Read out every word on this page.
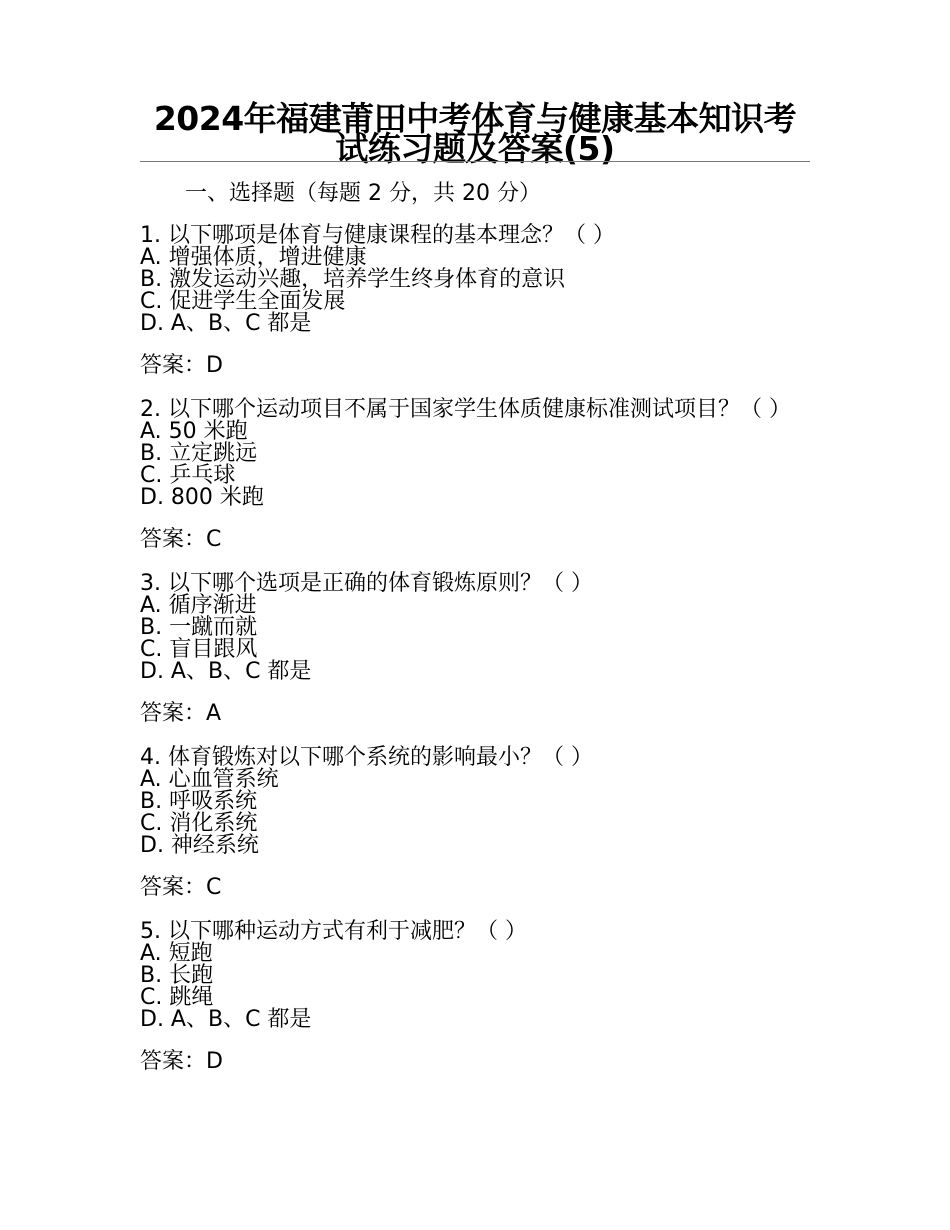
2024年福建莆田中考体育与健康基本知识考试练习题及答案(5)
一、选择题（每题 2 分，共 20 分）
1. 以下哪项是体育与健康课程的基本理念？（ ）
A. 增强体质，增进健康
B. 激发运动兴趣，培养学生终身体育的意识
C. 促进学生全面发展
D. A、B、C 都是
答案：D
2. 以下哪个运动项目不属于国家学生体质健康标准测试项目？（ ）
A. 50 米跑
B. 立定跳远
C. 乒乓球
D. 800 米跑
答案：C
3. 以下哪个选项是正确的体育锻炼原则？（ ）
A. 循序渐进
B. 一蹴而就
C. 盲目跟风
D. A、B、C 都是
答案：A
4. 体育锻炼对以下哪个系统的影响最小？（ ）
A. 心血管系统
B. 呼吸系统
C. 消化系统
D. 神经系统
答案：C
5. 以下哪种运动方式有利于减肥？（ ）
A. 短跑
B. 长跑
C. 跳绳
D. A、B、C 都是
答案：D
